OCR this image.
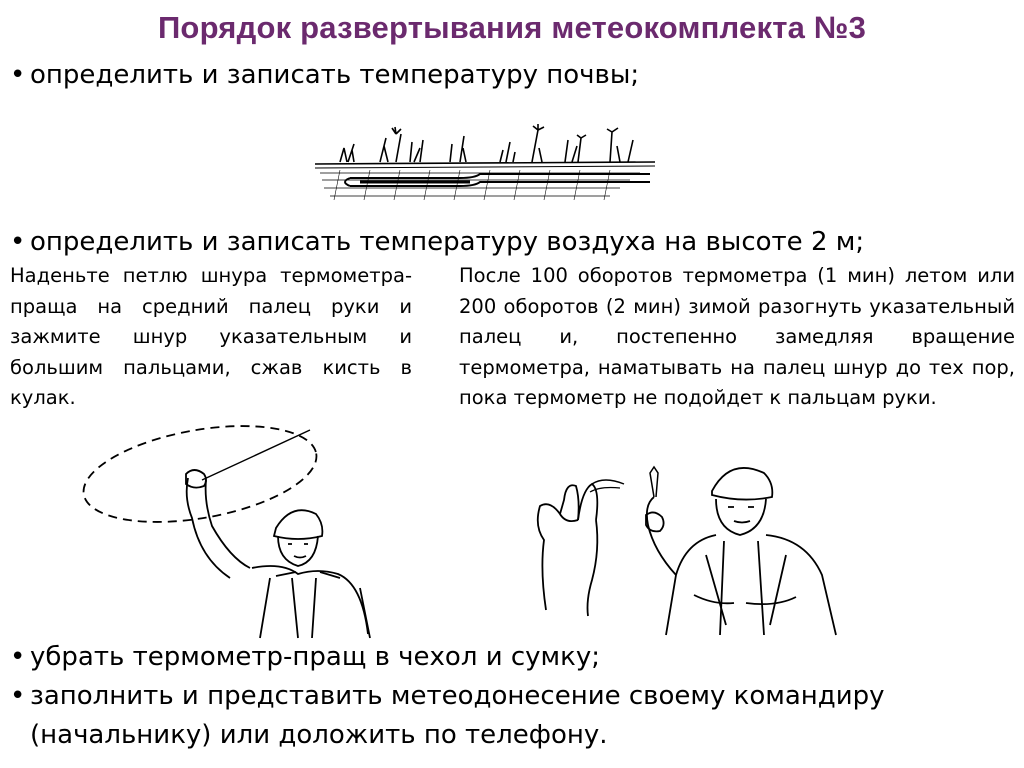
Порядок развертывания метеокомплекта №3
• определить и записать температуру почвы;
• определить и записать температуру воздуха на высоте 2 м;
Наденьте петлю шнура термометра-праща на средний палец руки и зажмите шнур указательным и большим пальцами, сжав кисть в кулак.
После 100 оборотов термометра (1 мин) летом или 200 оборотов (2 мин) зимой разогнуть указательный палец и, постепенно замедляя вращение термометра, наматывать на палец шнур до тех пор, пока термометр не подойдет к пальцам руки.
• убрать термометр-пращ в чехол и сумку;
• заполнить и представить метеодонесение своему командиру
(начальнику) или доложить по телефону.
